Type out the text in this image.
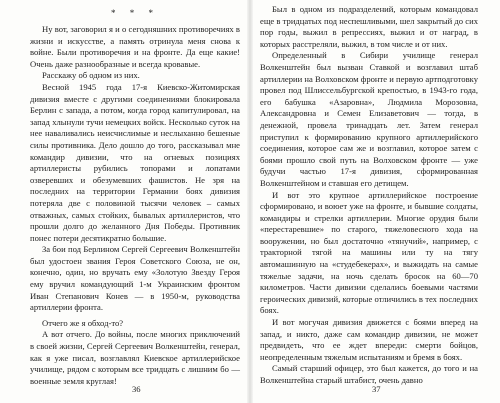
* * *

Ну вот, заговорил я и о сегодняшних противоречиях в жизни и искусстве, а память отринула меня снова к войне. Были противоречия и на фронте. Да еще какие! Очень даже разнообразные и всегда кровавые.

Расскажу об одном из них.

Весной 1945 года 17-я Киевско-Житомирская дивизия вместе с другими соединениями блокировала Берлин с запада, а потом, когда город капитулировал, на запад хлынули тучи немецких войск. Несколько суток на нее наваливались неисчислимые и неслыханно бешеные силы противника. Дело дошло до того, рассказывал мне командир дивизии, что на огневых позициях артиллеристы рубились топорами и лопатами озверевших и обезумевших фашистов. Не зря на последних на территории Германии боях дивизия потеряла две с половиной тысячи человек – самых отважных, самых стойких, бывалых артиллеристов, что прошли долго до желанного Дня Победы. Противник понес потери десятикратно большие.

За бои под Берлином Сергей Сергеевич Волкенштейн был удостоен звания Героя Советского Союза, не он, конечно, один, но вручать ему «Золотую Звезду Героя ему вручил командующий 1-м Украинским фронтом Иван Степанович Конев — в 1950-м, руководства артиллерии фронта.

Отчего же я обход-то?

А вот отчего. До войны, после многих приключений в своей жизни, Сергей Сергеевич Волкенштейн, генерал, как я уже писал, возглавлял Киевское артиллерийское училище, рядом с которым все тридцать с лишним бо — военные земля круглая!

36

Был в одном из подразделений, которым командовал еще в тридцатых под неспешливыми, шел закрытый до сих пор годы, выжил в репрессиях, выжил и от наград, в которых расстреляли, выжил, в том числе и от них.

Определенный в Сибири училище генерал Волкенштейн был вызван Ставкой и возглавил штаб артиллерии на Волховском фронте и первую артподготовку провел под Шлиссельбургской крепостью, в 1943-го года, его бабушка «Азаровна», Людмила Морозовна, Александровна и Семен Елизаветович — тогда, в денежной, провела тринадцать лет. Затем генерал приступил к формированию крупного артиллерийского соединения, которое сам же и возглавил, которое затем с боями прошло свой путь на Волховском фронте — уже будучи частью 17-я дивизия, сформированная Волкенштейном и ставшая его детищем.

И вот это крупное артиллерийское построение сформировано, и воюет уже на фронте, и бывшие солдаты, командиры и стрелки артиллерии. Многие орудия были «перестаревшие» по старого, тяжеловесного хода на вооружении, но был достаточно «тянучий», например, с тракторной тягой на машины или ту на тягу автомашинную на «студебекерах», и выжидать на самые тяжелые задачи, на ночь сделать бросок на 60—70 километров. Части дивизии сделались боевыми частями героических дивизий, которые отличились в тех последних боях.

И вот могучая дивизия движется с боями вперед на запад, и никто, даже сам командир дивизии, не может предвидеть, что ее ждет впереди: смерти бойцов, неопределенным тяжелым испытаниям и бремя в боях.

Самый старший офицер, это был кажется, до того и на Волкенштейна старый штабист, очень давно

37
